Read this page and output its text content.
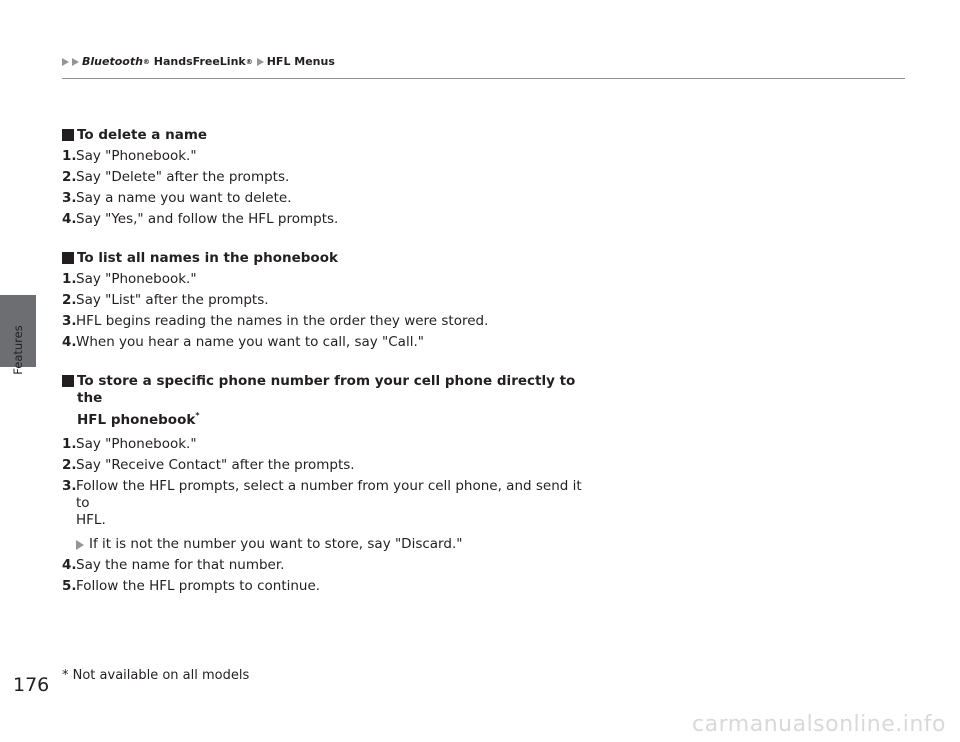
Features
Bluetooth ® HandsFreeLink ® HFL Menus

To delete a name

1. Say "Phonebook."

2. Say "Delete" after the prompts.

3. Say a name you want to delete.

4. Say "Yes," and follow the HFL prompts.

To list all names in the phonebook

1. Say "Phonebook."

2. Say "List" after the prompts.

3. HFL begins reading the names in the order they were stored.

4. When you hear a name you want to call, say "Call."

To store a specific phone number from your cell phone directly to the
HFL phonebook*

1. Say "Phonebook."

2. Say "Receive Contact" after the prompts.

3. Follow the HFL prompts, select a number from your cell phone, and send it to
HFL.

If it is not the number you want to store, say "Discard."

4. Say the name for that number.

5. Follow the HFL prompts to continue.

176 * Not available on all models
carmanualsonline.info
